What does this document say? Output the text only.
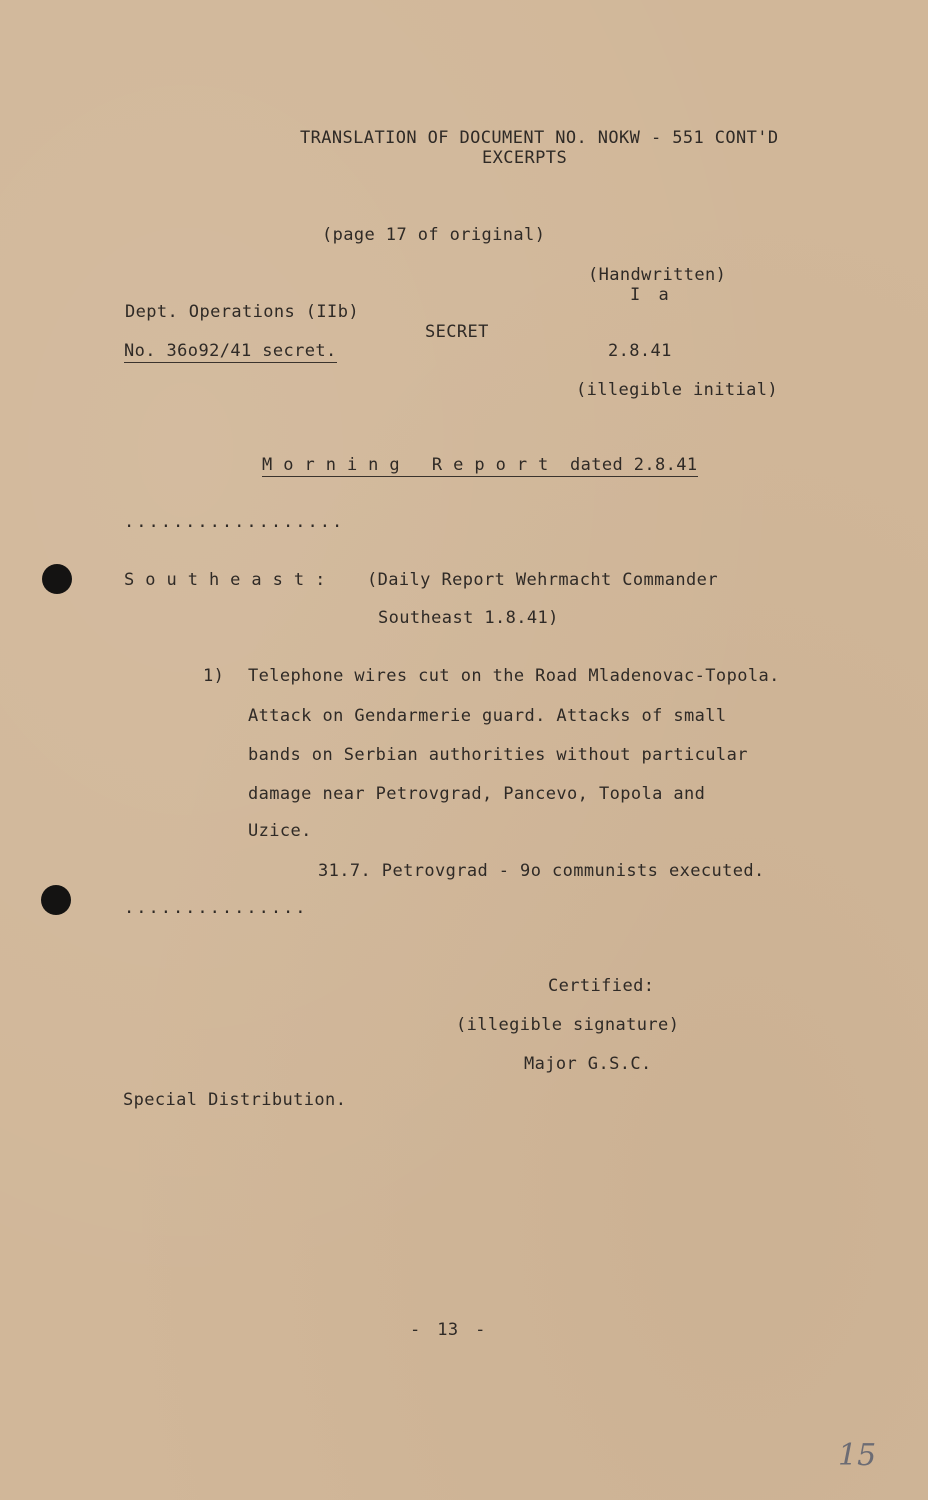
TRANSLATION OF DOCUMENT NO. NOKW - 551 CONT'D
EXCERPTS
(page 17 of original)
(Handwritten)
I a
Dept. Operations (IIb)
SECRET
No. 36o92/41 secret.	2.8.41
(illegible initial)
Morning Report dated 2.8.41
..................
Southeast: (Daily Report Wehrmacht Commander
Southeast 1.8.41)
1) Telephone wires cut on the Road Mladenovac-Topola.
Attack on Gendarmerie guard. Attacks of small
bands on Serbian authorities without particular
damage near Petrovgrad, Pancevo, Topola and
Uzice.
31.7. Petrovgrad - 9o communists executed.
...............
Certified:
(illegible signature)
Major G.S.C.
Special Distribution.
- 13 -
15
